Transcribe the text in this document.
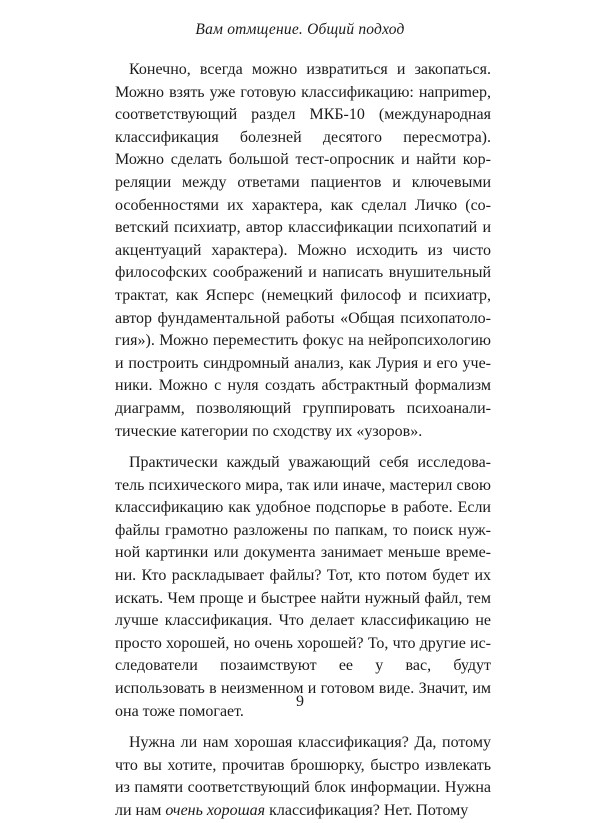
Вам отмщение. Общий подход

Конечно, всегда можно извратиться и закопаться. Можно взять уже готовую классификацию: наприmер, соответствующий раздел МКБ-10 (международная классификация болезней десятого пересмотра). Можно сделать большой тест-опросник и найти корреляции между ответами пациентов и ключевыми особенностями их характера, как сделал Личко (советский психиатр, автор классификации психопатий и акцентуаций характера). Можно исходить из чисто философских соображений и написать внушительный трактат, как Ясперс (немецкий философ и психиатр, автор фундаментальной работы «Общая психопатология»). Можно переместить фокус на нейропсихологию и построить синдромный анализ, как Лурия и его ученики. Можно с нуля создать абстрактный формализм диаграмм, позволяющий группировать психоаналитические категории по сходству их «узоров».

Практически каждый уважающий себя исследователь психического мира, так или иначе, мастерил свою классификацию как удобное подспорье в работе. Если файлы грамотно разложены по папкам, то поиск нужной картинки или документа занимает меньше времени. Кто раскладывает файлы? Тот, кто потом будет их искать. Чем проще и быстрее найти нужный файл, тем лучше классификация. Что делает классификацию не просто хорошей, но очень хорошей? То, что другие исследователи позаимствуют ее у вас, будут использовать в неизменном и готовом виде. Значит, им она тоже помогает.

Нужна ли нам хорошая классификация? Да, потому что вы хотите, прочитав брошюрку, быстро извлекать из памяти соответствующий блок информации. Нужна ли нам очень хорошая классификация? Нет. Потому

9
